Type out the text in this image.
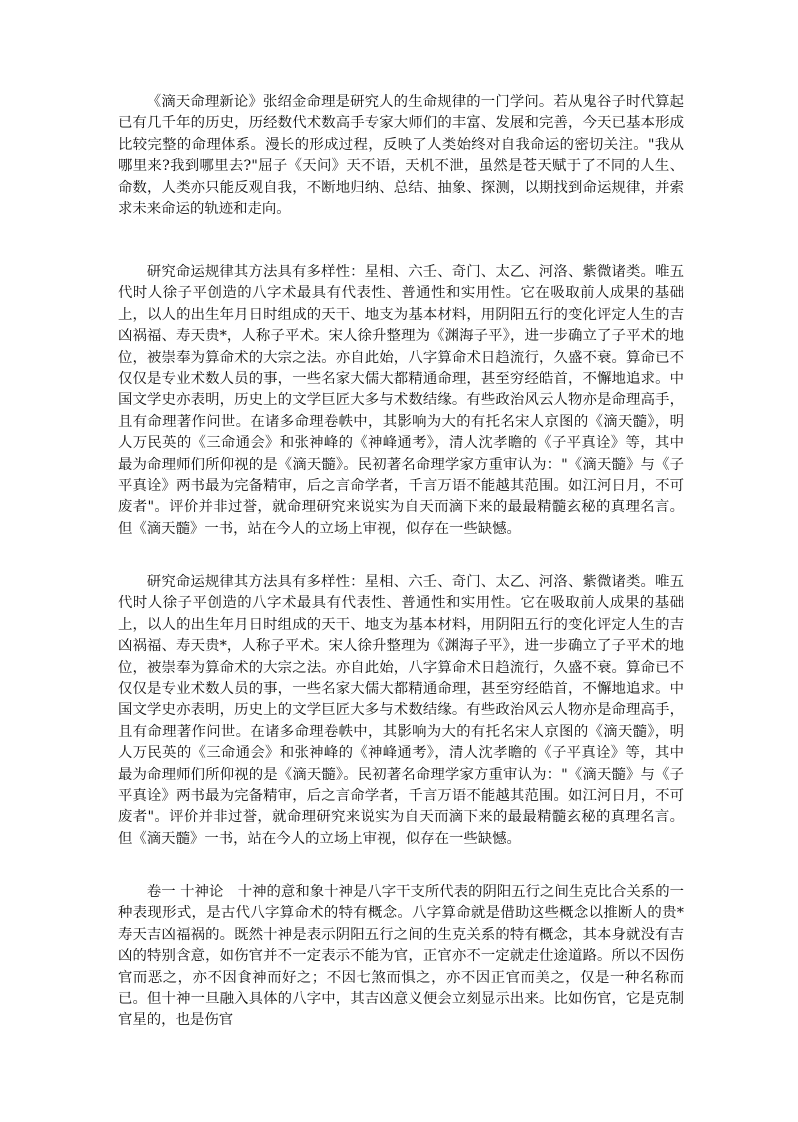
《滴天命理新论》张绍金命理是研究人的生命规律的一门学问。若从鬼谷子时代算起已有几千年的历史，历经数代术数高手专家大师们的丰富、发展和完善，今天已基本形成比较完整的命理体系。漫长的形成过程，反映了人类始终对自我命运的密切关注。"我从哪里来?我到哪里去?"屈子《天问》天不语，天机不泄，虽然是苍天赋于了不同的人生、命数，人类亦只能反观自我，不断地归纳、总结、抽象、探测，以期找到命运规律，并索求未来命运的轨迹和走向。

研究命运规律其方法具有多样性：星相、六壬、奇门、太乙、河洛、紫微诸类。唯五代时人徐子平创造的八字术最具有代表性、普通性和实用性。它在吸取前人成果的基础上，以人的出生年月日时组成的天干、地支为基本材料，用阴阳五行的变化评定人生的吉凶祸福、寿天贵*，人称子平术。宋人徐升整理为《渊海子平》，进一步确立了子平术的地位，被崇奉为算命术的大宗之法。亦自此始，八字算命术日趋流行，久盛不衰。算命已不仅仅是专业术数人员的事，一些名家大儒大都精通命理，甚至穷经皓首，不懈地追求。中国文学史亦表明，历史上的文学巨匠大多与术数结缘。有些政治风云人物亦是命理高手，且有命理著作问世。在诸多命理卷帙中，其影响为大的有托名宋人京图的《滴天髓》，明人万民英的《三命通会》和张神峰的《神峰通考》，清人沈孝瞻的《子平真诠》等，其中最为命理师们所仰视的是《滴天髓》。民初著名命理学家方重审认为："《滴天髓》与《子平真诠》两书最为完备精审，后之言命学者，千言万语不能越其范围。如江河日月，不可废者"。评价并非过誉，就命理研究来说实为自天而滴下来的最最精髓玄秘的真理名言。但《滴天髓》一书，站在今人的立场上审视，似存在一些缺憾。

研究命运规律其方法具有多样性：星相、六壬、奇门、太乙、河洛、紫微诸类。唯五代时人徐子平创造的八字术最具有代表性、普通性和实用性。它在吸取前人成果的基础上，以人的出生年月日时组成的天干、地支为基本材料，用阴阳五行的变化评定人生的吉凶祸福、寿天贵*，人称子平术。宋人徐升整理为《渊海子平》，进一步确立了子平术的地位，被崇奉为算命术的大宗之法。亦自此始，八字算命术日趋流行，久盛不衰。算命已不仅仅是专业术数人员的事，一些名家大儒大都精通命理，甚至穷经皓首，不懈地追求。中国文学史亦表明，历史上的文学巨匠大多与术数结缘。有些政治风云人物亦是命理高手，且有命理著作问世。在诸多命理卷帙中，其影响为大的有托名宋人京图的《滴天髓》，明人万民英的《三命通会》和张神峰的《神峰通考》，清人沈孝瞻的《子平真诠》等，其中最为命理师们所仰视的是《滴天髓》。民初著名命理学家方重审认为："《滴天髓》与《子平真诠》两书最为完备精审，后之言命学者，千言万语不能越其范围。如江河日月，不可废者"。评价并非过誉，就命理研究来说实为自天而滴下来的最最精髓玄秘的真理名言。但《滴天髓》一书，站在今人的立场上审视，似存在一些缺憾。

卷一 十神论　十神的意和象十神是八字干支所代表的阴阳五行之间生克比合关系的一种表现形式，是古代八字算命术的特有概念。八字算命就是借助这些概念以推断人的贵*寿天吉凶福祸的。既然十神是表示阴阳五行之间的生克关系的特有概念，其本身就没有吉凶的特别含意，如伤官并不一定表示不能为官，正官亦不一定就走仕途道路。所以不因伤官而恶之，亦不因食神而好之；不因七煞而惧之，亦不因正官而美之，仅是一种名称而已。但十神一旦融入具体的八字中，其吉凶意义便会立刻显示出来。比如伤官，它是克制官星的，也是伤官
